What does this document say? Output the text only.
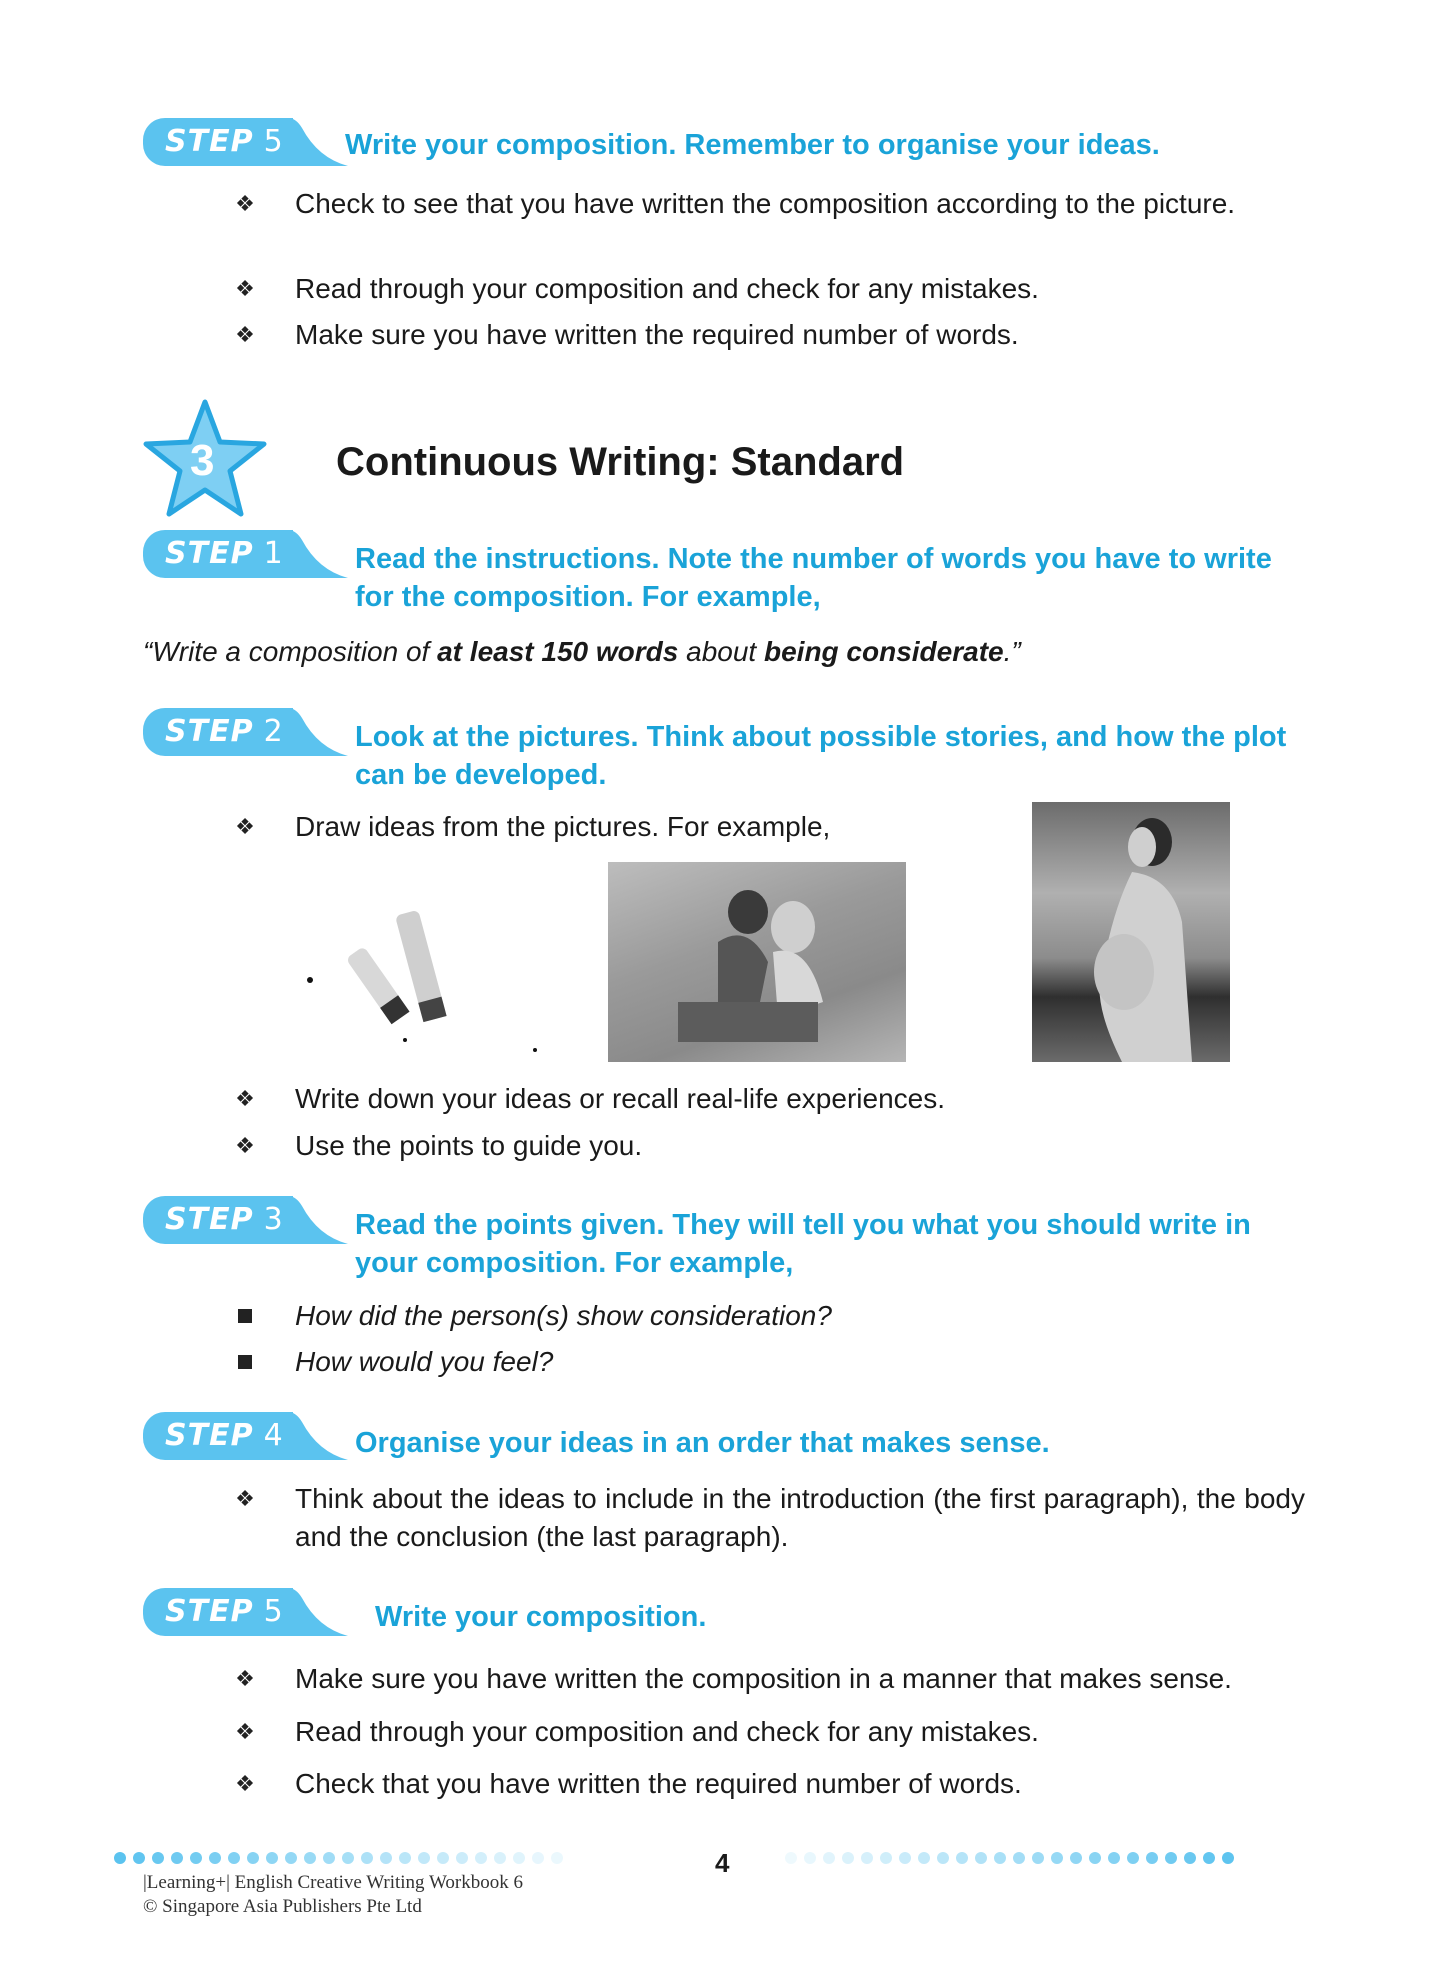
STEP 5 Write your composition. Remember to organise your ideas.
❖	Check to see that you have written the composition according to the picture.
❖	Read through your composition and check for any mistakes.
❖	Make sure you have written the required number of words.
3	Continuous Writing: Standard
STEP 1 Read the instructions. Note the number of words you have to write for the composition. For example,
“Write a composition of at least 150 words about being considerate.”
STEP 2 Look at the pictures. Think about possible stories, and how the plot can be developed.
❖	Draw ideas from the pictures. For example,
❖	Write down your ideas or recall real-life experiences.
❖	Use the points to guide you.
STEP 3 Read the points given. They will tell you what you should write in your composition. For example,
How did the person(s) show consideration?
How would you feel?
STEP 4 Organise your ideas in an order that makes sense.
❖	Think about the ideas to include in the introduction (the first paragraph), the body and the conclusion (the last paragraph).
STEP 5	Write your composition.
❖	Make sure you have written the composition in a manner that makes sense.
❖	Read through your composition and check for any mistakes.
❖	Check that you have written the required number of words.
4
|Learning+| English Creative Writing Workbook 6
© Singapore Asia Publishers Pte Ltd
